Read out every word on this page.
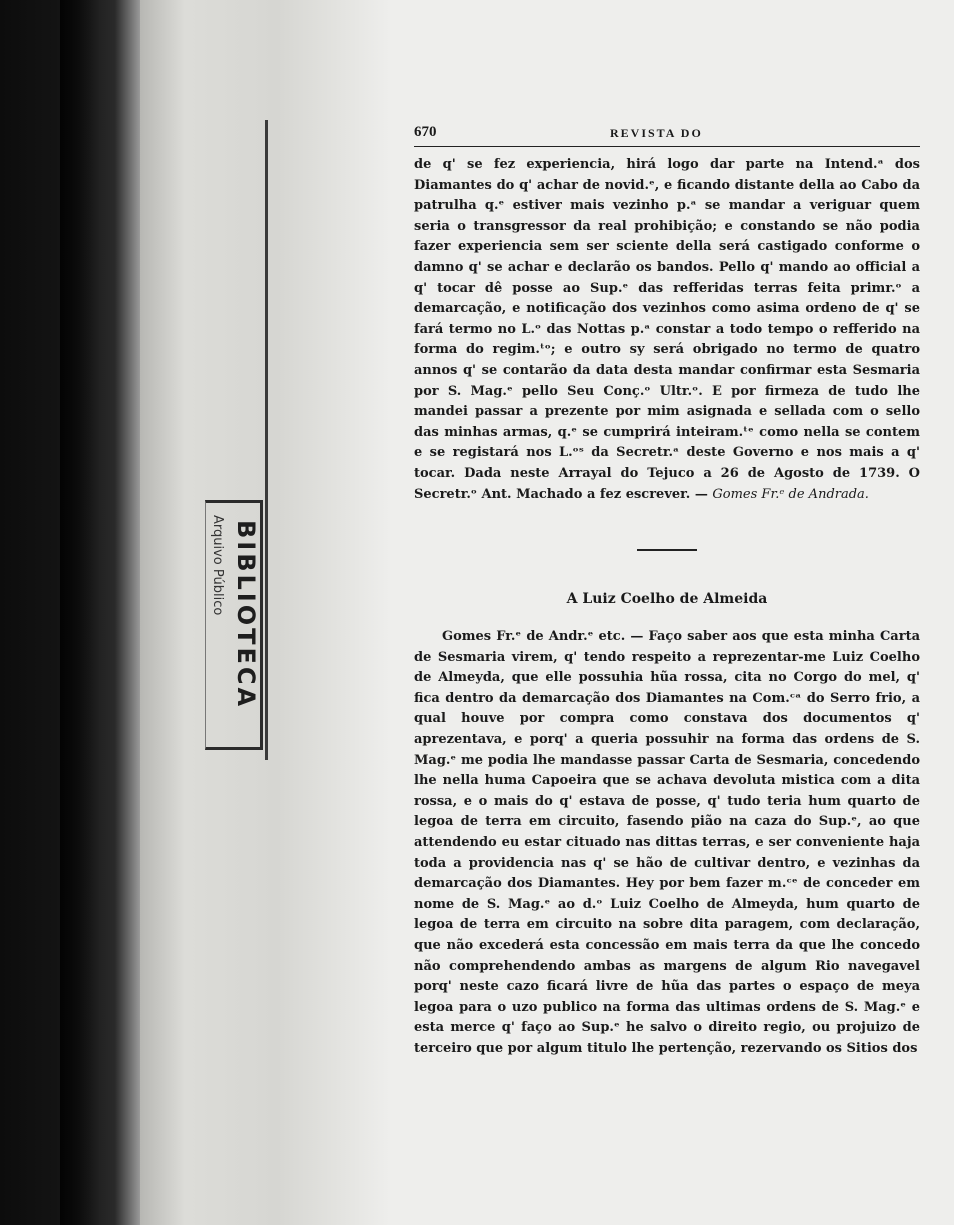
BIBLIOTECA
Arquivo Público
670	REVISTA DO

de q' se fez experiencia, hirá logo dar parte na Intend.ᵃ dos Diamantes do q' achar de novid.ᵉ, e ficando distante della ao Cabo da patrulha q.ᵉ estiver mais vezinho p.ᵃ se mandar a veriguar quem seria o transgressor da real prohibição; e constando se não podia fazer experiencia sem ser sciente della será castigado conforme o damno q' se achar e declarão os bandos. Pello q' mando ao official a q' tocar dê posse ao Sup.ᵉ das refferidas terras feita primr.ᵒ a demarcação, e notificação dos vezinhos como asima ordeno de q' se fará termo no L.ᵒ das Nottas p.ᵃ constar a todo tempo o refferido na forma do regim.ᵗᵒ; e outro sy será obrigado no termo de quatro annos q' se contarão da data desta mandar confirmar esta Sesmaria por S. Mag.ᵉ pello Seu Conç.ᵒ Ultr.ᵒ. E por firmeza de tudo lhe mandei passar a prezente por mim asignada e sellada com o sello das minhas armas, q.ᵉ se cumprirá inteiram.ᵗᵉ como nella se contem e se registará nos L.ᵒˢ da Secretr.ᵃ deste Governo e nos mais a q' tocar. Dada neste Arrayal do Tejuco a 26 de Agosto de 1739. O Secretr.ᵒ Ant. Machado a fez escrever. — Gomes Fr.ᵉ de Andrada.

A Luiz Coelho de Almeida

Gomes Fr.ᵉ de Andr.ᵉ etc. — Faço saber aos que esta minha Carta de Sesmaria virem, q' tendo respeito a reprezentar-me Luiz Coelho de Almeyda, que elle possuhia hũa rossa, cita no Corgo do mel, q' fica dentro da demarcação dos Diamantes na Com.ᶜᵃ do Serro frio, a qual houve por compra como constava dos documentos q' aprezentava, e porq' a queria possuhir na forma das ordens de S. Mag.ᵉ me podia lhe mandasse passar Carta de Sesmaria, concedendo lhe nella huma Capoeira que se achava devoluta mistica com a dita rossa, e o mais do q' estava de posse, q' tudo teria hum quarto de legoa de terra em circuito, fasendo pião na caza do Sup.ᵉ, ao que attendendo eu estar cituado nas dittas terras, e ser conveniente haja toda a providencia nas q' se hão de cultivar dentro, e vezinhas da demarcação dos Diamantes. Hey por bem fazer m.ᶜᵉ de conceder em nome de S. Mag.ᵉ ao d.ᵒ Luiz Coelho de Almeyda, hum quarto de legoa de terra em circuito na sobre dita paragem, com declaração, que não excederá esta concessão em mais terra da que lhe concedo não comprehendendo ambas as margens de algum Rio navegavel porq' neste cazo ficará livre de hũa das partes o espaço de meya legoa para o uzo publico na forma das ultimas ordens de S. Mag.ᵉ e esta merce q' faço ao Sup.ᵉ he salvo o direito regio, ou projuizo de terceiro que por algum titulo lhe pertenção, rezervando os Sitios dos
